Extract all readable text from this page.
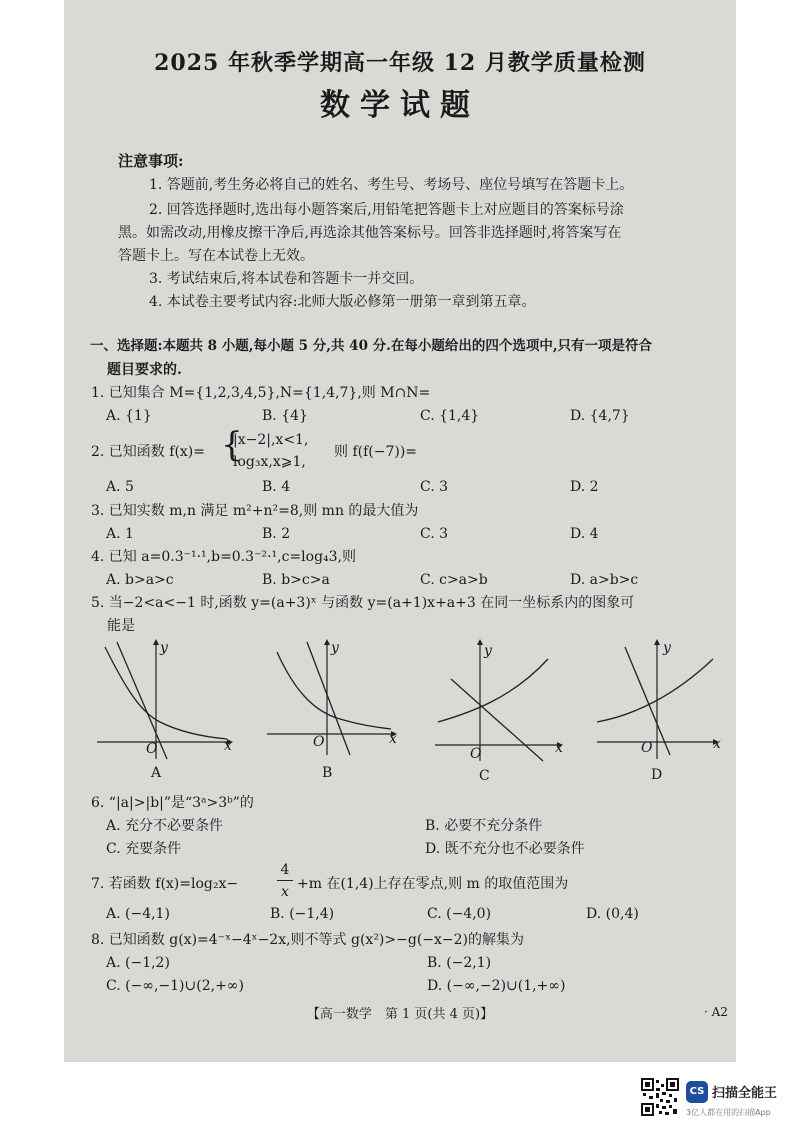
2025 年秋季学期高一年级 12 月教学质量检测
数学试题
注意事项:
1. 答题前,考生务必将自己的姓名、考生号、考场号、座位号填写在答题卡上。
2. 回答选择题时,选出每小题答案后,用铅笔把答题卡上对应题目的答案标号涂
黑。如需改动,用橡皮擦干净后,再选涂其他答案标号。回答非选择题时,将答案写在
答题卡上。写在本试卷上无效。
3. 考试结束后,将本试卷和答题卡一并交回。
4. 本试卷主要考试内容:北师大版必修第一册第一章到第五章。
一、选择题:本题共 8 小题,每小题 5 分,共 40 分.在每小题给出的四个选项中,只有一项是符合
题目要求的.
1. 已知集合 M={1,2,3,4,5},N={1,4,7},则 M∩N=
A. {1}	B. {4}	C. {1,4}	D. {4,7}
2. 已知函数 f(x)= {
|x−2|,x<1,
log₃x,x⩾1,
则 f(f(−7))=
A. 5	B. 4	C. 3	D. 2
3. 已知实数 m,n 满足 m²+n²=8,则 mn 的最大值为
A. 1	B. 2	C. 3	D. 4
4. 已知 a=0.3⁻¹·¹,b=0.3⁻²·¹,c=log₄3,则
A. b>a>c	B. b>c>a	C. c>a>b	D. a>b>c
5. 当−2<a<−1 时,函数 y=(a+3)ˣ 与函数 y=(a+1)x+a+3 在同一坐标系内的图象可
能是
y
x
O
A
y
x
O
B
y
x
O
C
y
x
O
D
6. “|a|>|b|”是“3ᵃ>3ᵇ”的
A. 充分不必要条件	B. 必要不充分条件
C. 充要条件	D. 既不充分也不必要条件
7. 若函数 f(x)=log₂x−
4
x +m 在(1,4)上存在零点,则 m 的取值范围为
A. (−4,1)	B. (−1,4)	C. (−4,0)	D. (0,4)
8. 已知函数 g(x)=4⁻ˣ−4ˣ−2x,则不等式 g(x²)>−g(−x−2)的解集为
A. (−1,2)	B. (−2,1)
C. (−∞,−1)∪(2,+∞)	D. (−∞,−2)∪(1,+∞)
【高一数学　第 1 页(共 4 页)】	· A2
CS 扫描全能王
3亿人都在用的扫描App
